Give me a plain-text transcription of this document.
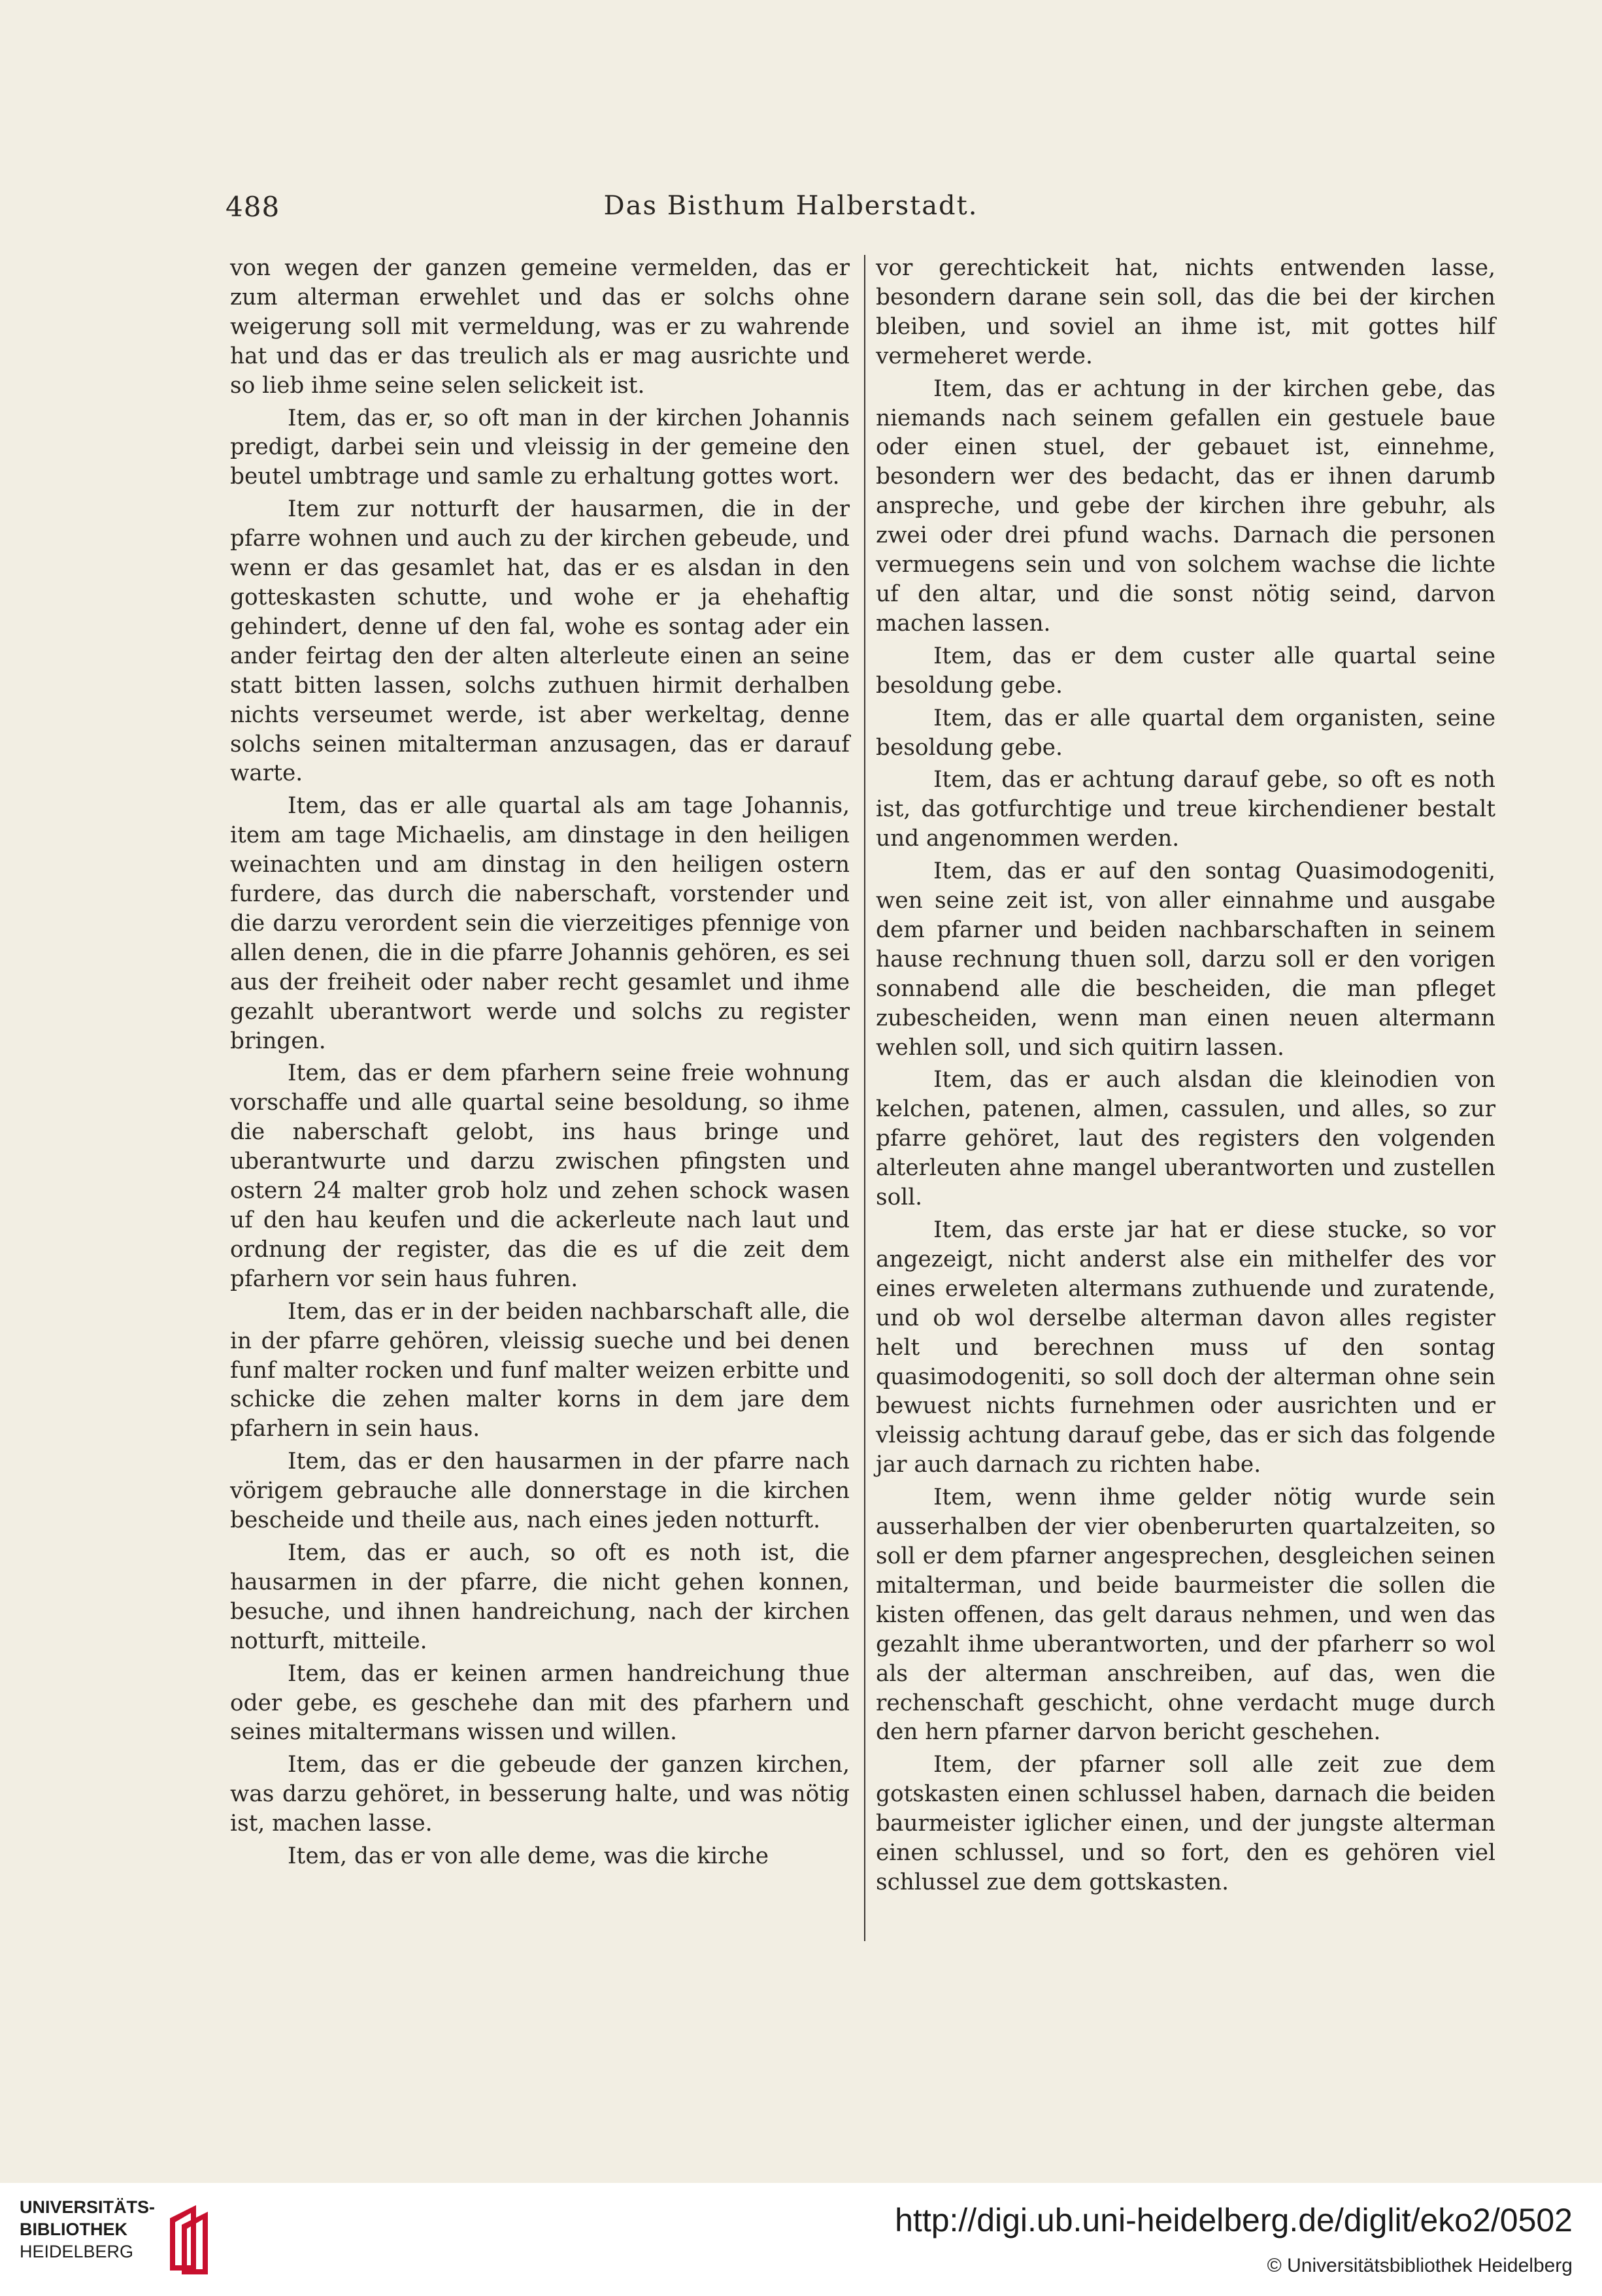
488	Das Bisthum Halberstadt.

von wegen der ganzen gemeine vermelden, das er zum alterman erwehlet und das er solchs ohne weigerung soll mit vermeldung, was er zu wahrende hat und das er das treulich als er mag ausrichte und so lieb ihme seine selen selickeit ist.

Item, das er, so oft man in der kirchen Johannis predigt, darbei sein und vleissig in der gemeine den beutel umbtrage und samle zu erhaltung gottes wort.

Item zur notturft der hausarmen, die in der pfarre wohnen und auch zu der kirchen gebeude, und wenn er das gesamlet hat, das er es alsdan in den gotteskasten schutte, und wohe er ja ehehaftig gehindert, denne uf den fal, wohe es sontag ader ein ander feirtag den der alten alterleute einen an seine statt bitten lassen, solchs zuthuen hirmit derhalben nichts verseumet werde, ist aber werkeltag, denne solchs seinen mitalterman anzusagen, das er darauf warte.

Item, das er alle quartal als am tage Johannis, item am tage Michaelis, am dinstage in den heiligen weinachten und am dinstag in den heiligen ostern furdere, das durch die naberschaft, vorstender und die darzu verordent sein die vierzeitiges pfennige von allen denen, die in die pfarre Johannis gehören, es sei aus der freiheit oder naber recht gesamlet und ihme gezahlt uberantwort werde und solchs zu register bringen.

Item, das er dem pfarhern seine freie wohnung vorschaffe und alle quartal seine besoldung, so ihme die naberschaft gelobt, ins haus bringe und uberantwurte und darzu zwischen pfingsten und ostern 24 malter grob holz und zehen schock wasen uf den hau keufen und die ackerleute nach laut und ordnung der register, das die es uf die zeit dem pfarhern vor sein haus fuhren.

Item, das er in der beiden nachbarschaft alle, die in der pfarre gehören, vleissig sueche und bei denen funf malter rocken und funf malter weizen erbitte und schicke die zehen malter korns in dem jare dem pfarhern in sein haus.

Item, das er den hausarmen in der pfarre nach vörigem gebrauche alle donnerstage in die kirchen bescheide und theile aus, nach eines jeden notturft.

Item, das er auch, so oft es noth ist, die hausarmen in der pfarre, die nicht gehen konnen, besuche, und ihnen handreichung, nach der kirchen notturft, mitteile.

Item, das er keinen armen handreichung thue oder gebe, es geschehe dan mit des pfarhern und seines mitaltermans wissen und willen.

Item, das er die gebeude der ganzen kirchen, was darzu gehöret, in besserung halte, und was nötig ist, machen lasse.

Item, das er von alle deme, was die kirche

vor gerechtickeit hat, nichts entwenden lasse, besondern darane sein soll, das die bei der kirchen bleiben, und soviel an ihme ist, mit gottes hilf vermeheret werde.

Item, das er achtung in der kirchen gebe, das niemands nach seinem gefallen ein gestuele baue oder einen stuel, der gebauet ist, einnehme, besondern wer des bedacht, das er ihnen darumb anspreche, und gebe der kirchen ihre gebuhr, als zwei oder drei pfund wachs. Darnach die personen vermuegens sein und von solchem wachse die lichte uf den altar, und die sonst nötig seind, darvon machen lassen.

Item, das er dem custer alle quartal seine besoldung gebe.

Item, das er alle quartal dem organisten, seine besoldung gebe.

Item, das er achtung darauf gebe, so oft es noth ist, das gotfurchtige und treue kirchendiener bestalt und angenommen werden.

Item, das er auf den sontag Quasimodogeniti, wen seine zeit ist, von aller einnahme und ausgabe dem pfarner und beiden nachbarschaften in seinem hause rechnung thuen soll, darzu soll er den vorigen sonnabend alle die bescheiden, die man pfleget zubescheiden, wenn man einen neuen altermann wehlen soll, und sich quitirn lassen.

Item, das er auch alsdan die kleinodien von kelchen, patenen, almen, cassulen, und alles, so zur pfarre gehöret, laut des registers den volgenden alterleuten ahne mangel uberantworten und zustellen soll.

Item, das erste jar hat er diese stucke, so vor angezeigt, nicht anderst alse ein mithelfer des vor eines erweleten altermans zuthuende und zuratende, und ob wol derselbe alterman davon alles register helt und berechnen muss uf den sontag quasimodogeniti, so soll doch der alterman ohne sein bewuest nichts furnehmen oder ausrichten und er vleissig achtung darauf gebe, das er sich das folgende jar auch darnach zu richten habe.

Item, wenn ihme gelder nötig wurde sein ausserhalben der vier obenberurten quartalzeiten, so soll er dem pfarner angesprechen, desgleichen seinen mitalterman, und beide baurmeister die sollen die kisten offenen, das gelt daraus nehmen, und wen das gezahlt ihme uberantworten, und der pfarherr so wol als der alterman anschreiben, auf das, wen die rechenschaft geschicht, ohne verdacht muge durch den hern pfarner darvon bericht geschehen.

Item, der pfarner soll alle zeit zue dem gotskasten einen schlussel haben, darnach die beiden baurmeister iglicher einen, und der jungste alterman einen schlussel, und so fort, den es gehören viel schlussel zue dem gottskasten.

UNIVERSITÄTS-
BIBLIOTHEK
HEIDELBERG
http://digi.ub.uni-heidelberg.de/diglit/eko2/0502
© Universitätsbibliothek Heidelberg
